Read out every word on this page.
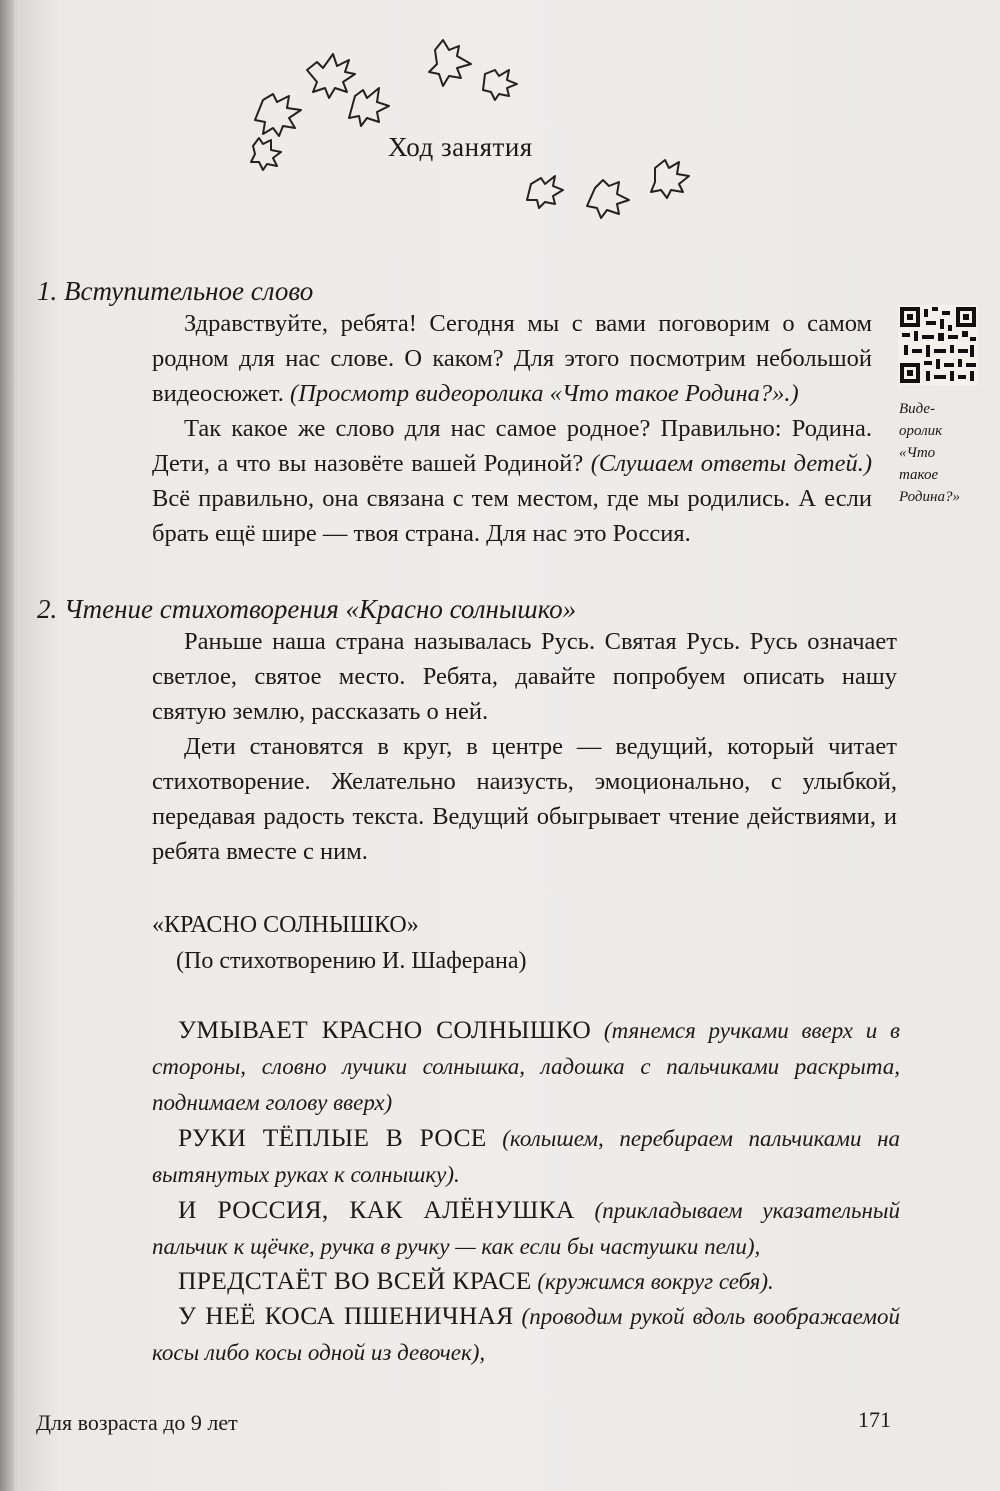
Ход занятия
1. Вступительное слово

Здравствуйте, ребята! Сегодня мы с вами поговорим о самом родном для нас слове. О каком? Для этого посмотрим небольшой видеосюжет. (Просмотр видеоролика «Что такое Родина?».)

Так какое же слово для нас самое родное? Правильно: Родина. Дети, а что вы назовёте вашей Родиной? (Слушаем ответы детей.) Всё правильно, она связана с тем местом, где мы родились. А если брать ещё шире — твоя страна. Для нас это Россия.

Виде-
оролик
«Что
такое
Родина?»
2. Чтение стихотворения «Красно солнышко»

Раньше наша страна называлась Русь. Святая Русь. Русь означает светлое, святое место. Ребята, давайте попробуем описать нашу святую землю, рассказать о ней.

Дети становятся в круг, в центре — ведущий, который читает стихотворение. Желательно наизусть, эмоционально, с улыбкой, передавая радость текста. Ведущий обыгрывает чтение действиями, и ребята вместе с ним.

«КРАСНО СОЛНЫШКО»
(По стихотворению И. Шаферана)
УМЫВАЕТ КРАСНО СОЛНЫШКО (тянемся ручками вверх и в стороны, словно лучики солнышка, ладошка с пальчиками раскрыта, поднимаем голову вверх)
РУКИ ТЁПЛЫЕ В РОСЕ (колышем, перебираем пальчиками на вытянутых руках к солнышку).
И РОССИЯ, КАК АЛЁНУШКА (прикладываем указательный пальчик к щёчке, ручка в ручку — как если бы частушки пели),
ПРЕДСТАЁТ ВО ВСЕЙ КРАСЕ (кружимся вокруг себя).
У НЕЁ КОСА ПШЕНИЧНАЯ (проводим рукой вдоль воображаемой косы либо косы одной из девочек),
Для возраста до 9 лет	171
